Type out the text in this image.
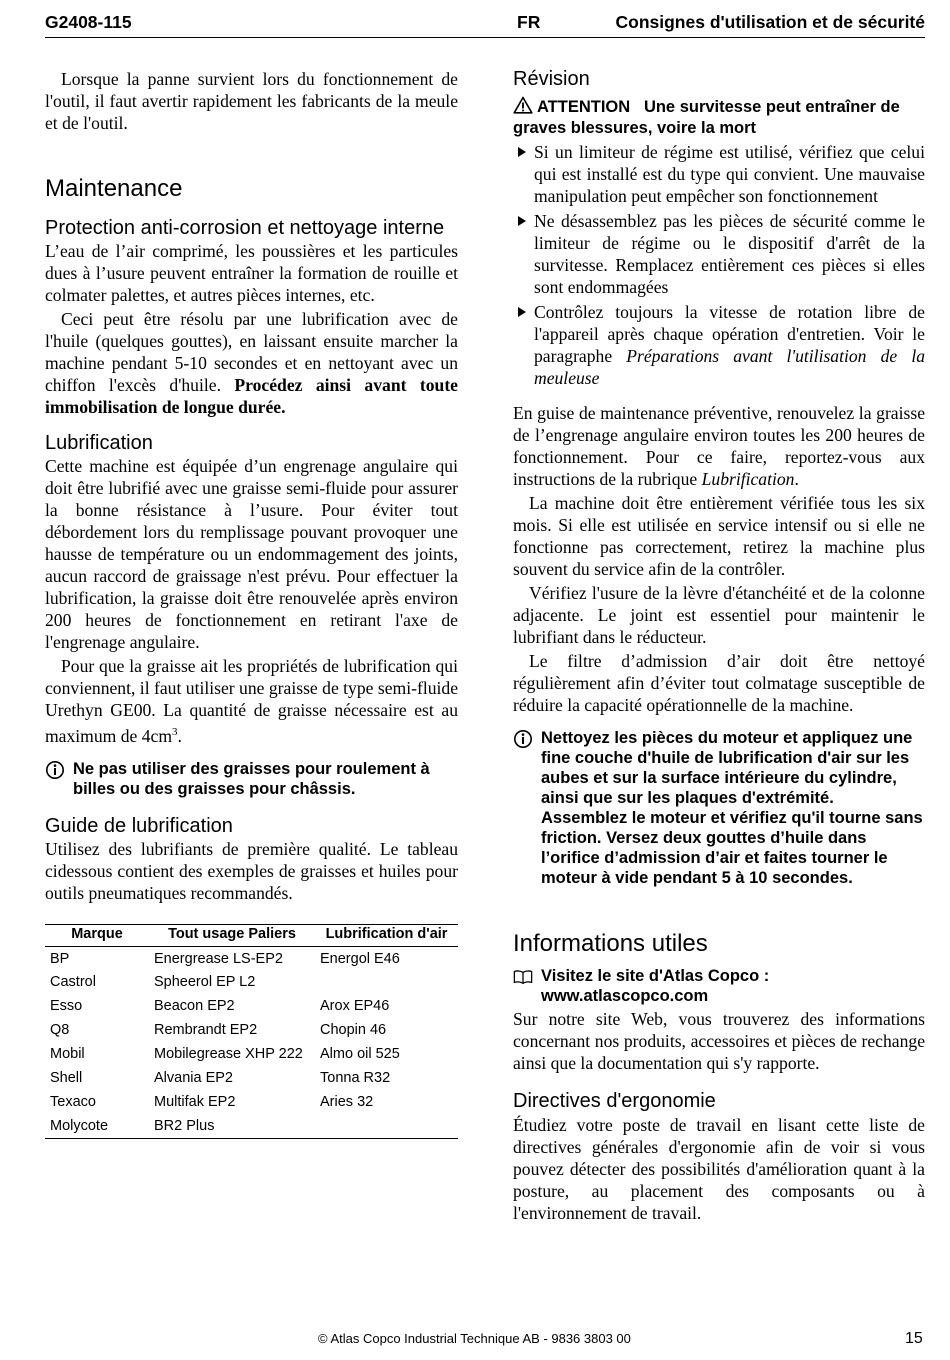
G2408-115	FR	Consignes d'utilisation et de sécurité

Lorsque la panne survient lors du fonctionnement de l'outil, il faut avertir rapidement les fabricants de la meule et de l'outil.

Maintenance
Protection anti-corrosion et nettoyage interne

L’eau de l’air comprimé, les poussières et les particules dues à l’usure peuvent entraîner la formation de rouille et colmater palettes, et autres pièces internes, etc.

Ceci peut être résolu par une lubrification avec de l'huile (quelques gouttes), en laissant ensuite marcher la machine pendant 5-10 secondes et en nettoyant avec un chiffon l'excès d'huile. Procédez ainsi avant toute immobilisation de longue durée.

Lubrification

Cette machine est équipée d’un engrenage angulaire qui doit être lubrifié avec une graisse semi-fluide pour assurer la bonne résistance à l’usure. Pour éviter tout débordement lors du remplissage pouvant provoquer une hausse de température ou un endommagement des joints, aucun raccord de graissage n'est prévu. Pour effectuer la lubrification, la graisse doit être renouvelée après environ 200 heures de fonctionnement en retirant l'axe de l'engrenage angulaire.

Pour que la graisse ait les propriétés de lubrification qui conviennent, il faut utiliser une graisse de type semi-fluide Urethyn GE00. La quantité de graisse nécessaire est au maximum de $4cm^3$.

Ne pas utiliser des graisses pour roulement à billes ou des graisses pour châssis.
Guide de lubrification

Utilisez des lubrifiants de première qualité. Le tableau cidessous contient des exemples de graisses et huiles pour outils pneumatiques recommandés.

Marque	Tout usage Paliers	Lubrification d'air
BP	Energrease LS-EP2	Energol E46
Castrol	Spheerol EP L2	
Esso	Beacon EP2	Arox EP46
Q8	Rembrandt EP2	Chopin 46
Mobil	Mobilegrease XHP 222	Almo oil 525
Shell	Alvania EP2	Tonna R32
Texaco	Multifak EP2	Aries 32
Molycote	BR2 Plus	
Révision
ATTENTION Une survitesse peut entraîner de graves blessures, voire la mort
Si un limiteur de régime est utilisé, vérifiez que celui qui est installé est du type qui convient. Une mauvaise manipulation peut empêcher son fonctionnement
Ne désassemblez pas les pièces de sécurité comme le limiteur de régime ou le dispositif d'arrêt de la survitesse. Remplacez entièrement ces pièces si elles sont endommagées
Contrôlez toujours la vitesse de rotation libre de l'appareil après chaque opération d'entretien. Voir le paragraphe Préparations avant l'utilisation de la meuleuse

En guise de maintenance préventive, renouvelez la graisse de l’engrenage angulaire environ toutes les 200 heures de fonctionnement. Pour ce faire, reportez-vous aux instructions de la rubrique Lubrification.

La machine doit être entièrement vérifiée tous les six mois. Si elle est utilisée en service intensif ou si elle ne fonctionne pas correctement, retirez la machine plus souvent du service afin de la contrôler.

Vérifiez l'usure de la lèvre d'étanchéité et de la colonne adjacente. Le joint est essentiel pour maintenir le lubrifiant dans le réducteur.

Le filtre d’admission d’air doit être nettoyé régulièrement afin d’éviter tout colmatage susceptible de réduire la capacité opérationnelle de la machine.

Nettoyez les pièces du moteur et appliquez une fine couche d'huile de lubrification d'air sur les aubes et sur la surface intérieure du cylindre, ainsi que sur les plaques d'extrémité.
Assemblez le moteur et vérifiez qu'il tourne sans friction. Versez deux gouttes d’huile dans l’orifice d’admission d’air et faites tourner le moteur à vide pendant 5 à 10 secondes.
Informations utiles
Visitez le site d'Atlas Copco :
www.atlascopco.com

Sur notre site Web, vous trouverez des informations concernant nos produits, accessoires et pièces de rechange ainsi que la documentation qui s'y rapporte.

Directives d'ergonomie

Étudiez votre poste de travail en lisant cette liste de directives générales d'ergonomie afin de voir si vous pouvez détecter des possibilités d'amélioration quant à la posture, au placement des composants ou à l'environnement de travail.

© Atlas Copco Industrial Technique AB - 9836 3803 00	15
